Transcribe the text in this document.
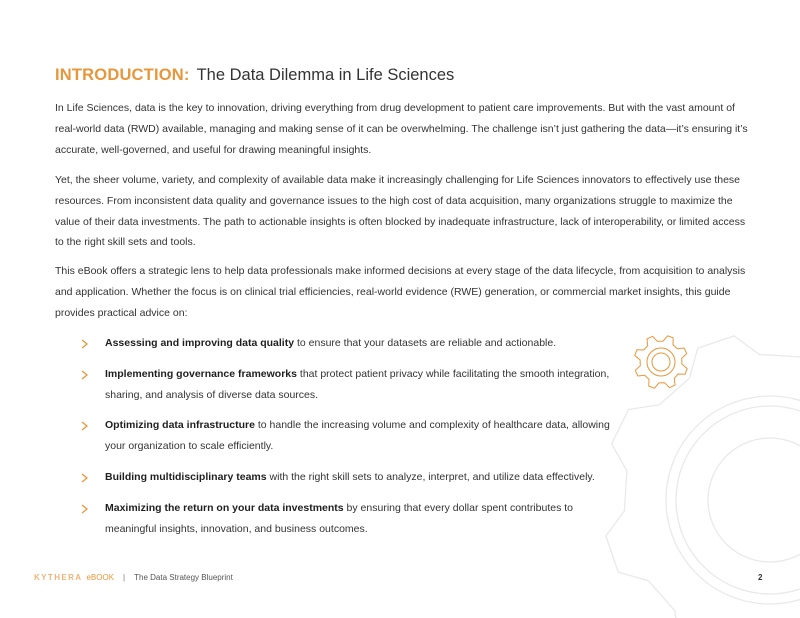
INTRODUCTION: The Data Dilemma in Life Sciences

In Life Sciences, data is the key to innovation, driving everything from drug development to patient care improvements. But with the vast amount of real-world data (RWD) available, managing and making sense of it can be overwhelming. The challenge isn’t just gathering the data—it’s ensuring it’s accurate, well-governed, and useful for drawing meaningful insights.

Yet, the sheer volume, variety, and complexity of available data make it increasingly challenging for Life Sciences innovators to effectively use these resources. From inconsistent data quality and governance issues to the high cost of data acquisition, many organizations struggle to maximize the value of their data investments. The path to actionable insights is often blocked by inadequate infrastructure, lack of interoperability, or limited access to the right skill sets and tools.

This eBook offers a strategic lens to help data professionals make informed decisions at every stage of the data lifecycle, from acquisition to analysis and application. Whether the focus is on clinical trial efficiencies, real-world evidence (RWE) generation, or commercial market insights, this guide provides practical advice on:

Assessing and improving data quality to ensure that your datasets are reliable and actionable.
Implementing governance frameworks that protect patient privacy while facilitating the smooth integration, sharing, and analysis of diverse data sources.
Optimizing data infrastructure to handle the increasing volume and complexity of healthcare data, allowing your organization to scale efficiently.
Building multidisciplinary teams with the right skill sets to analyze, interpret, and utilize data effectively.
Maximizing the return on your data investments by ensuring that every dollar spent contributes to meaningful insights, innovation, and business outcomes.
KYTHERA eBOOK | The Data Strategy Blueprint	2
